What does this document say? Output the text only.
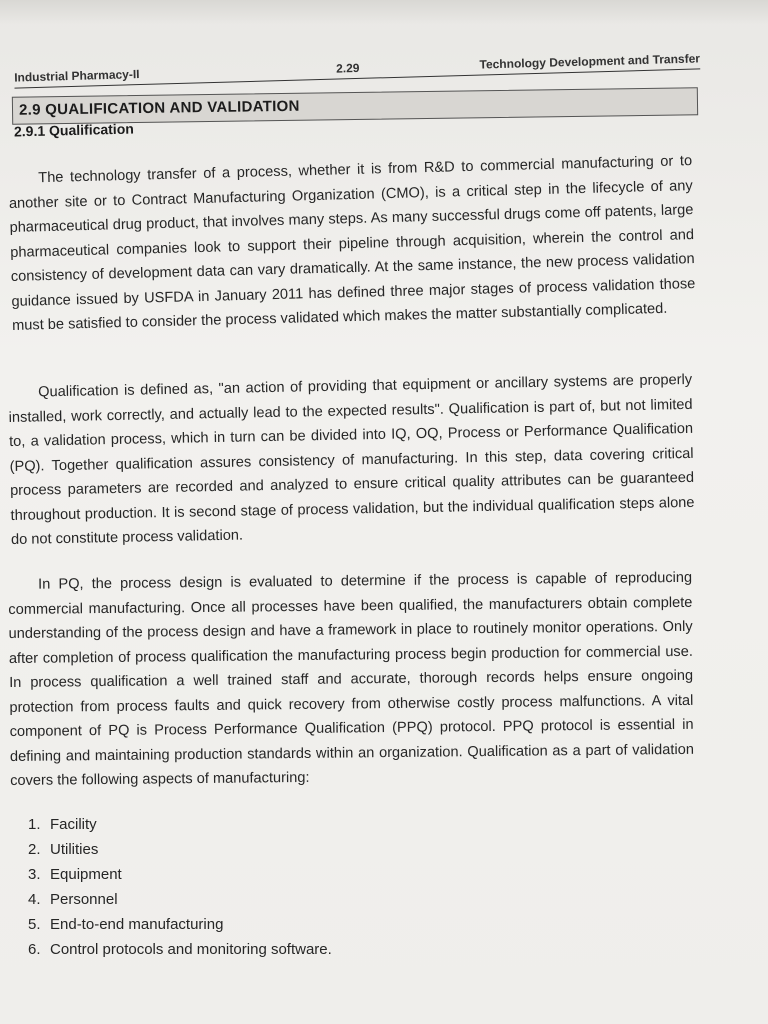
Industrial Pharmacy-II	2.29	Technology Development and Transfer
2.9 QUALIFICATION AND VALIDATION
2.9.1 Qualification

The technology transfer of a process, whether it is from R&D to commercial manufacturing or to another site or to Contract Manufacturing Organization (CMO), is a critical step in the lifecycle of any pharmaceutical drug product, that involves many steps. As many successful drugs come off patents, large pharmaceutical companies look to support their pipeline through acquisition, wherein the control and consistency of development data can vary dramatically. At the same instance, the new process validation guidance issued by USFDA in January 2011 has defined three major stages of process validation those must be satisfied to consider the process validated which makes the matter substantially complicated.

Qualification is defined as, "an action of providing that equipment or ancillary systems are properly installed, work correctly, and actually lead to the expected results". Qualification is part of, but not limited to, a validation process, which in turn can be divided into IQ, OQ, Process or Performance Qualification (PQ). Together qualification assures consistency of manufacturing. In this step, data covering critical process parameters are recorded and analyzed to ensure critical quality attributes can be guaranteed throughout production. It is second stage of process validation, but the individual qualification steps alone do not constitute process validation.

In PQ, the process design is evaluated to determine if the process is capable of reproducing commercial manufacturing. Once all processes have been qualified, the manufacturers obtain complete understanding of the process design and have a framework in place to routinely monitor operations. Only after completion of process qualification the manufacturing process begin production for commercial use. In process qualification a well trained staff and accurate, thorough records helps ensure ongoing protection from process faults and quick recovery from otherwise costly process malfunctions. A vital component of PQ is Process Performance Qualification (PPQ) protocol. PPQ protocol is essential in defining and maintaining production standards within an organization. Qualification as a part of validation covers the following aspects of manufacturing:

1. Facility
2. Utilities
3. Equipment
4. Personnel
5. End-to-end manufacturing
6. Control protocols and monitoring software.
